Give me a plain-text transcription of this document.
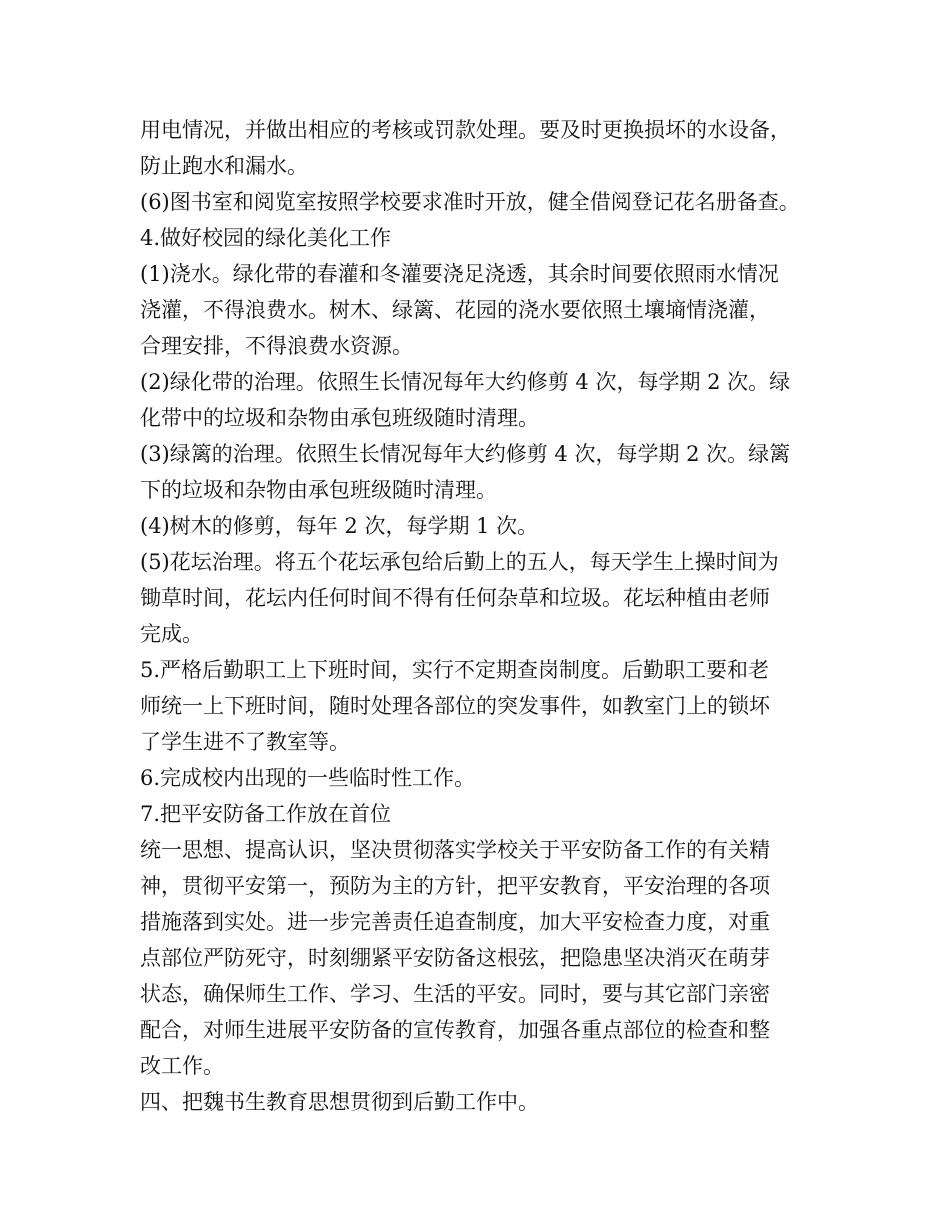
用电情况，并做出相应的考核或罚款处理。要及时更换损坏的水设备，
防止跑水和漏水。
(6)图书室和阅览室按照学校要求准时开放，健全借阅登记花名册备查。
4.做好校园的绿化美化工作
(1)浇水。绿化带的春灌和冬灌要浇足浇透，其余时间要依照雨水情况
浇灌，不得浪费水。树木、绿篱、花园的浇水要依照土壤墒情浇灌，
合理安排，不得浪费水资源。
(2)绿化带的治理。依照生长情况每年大约修剪 4 次，每学期 2 次。绿
化带中的垃圾和杂物由承包班级随时清理。
(3)绿篱的治理。依照生长情况每年大约修剪 4 次，每学期 2 次。绿篱
下的垃圾和杂物由承包班级随时清理。
(4)树木的修剪，每年 2 次，每学期 1 次。
(5)花坛治理。将五个花坛承包给后勤上的五人，每天学生上操时间为
锄草时间，花坛内任何时间不得有任何杂草和垃圾。花坛种植由老师
完成。
5.严格后勤职工上下班时间，实行不定期查岗制度。后勤职工要和老
师统一上下班时间，随时处理各部位的突发事件，如教室门上的锁坏
了学生进不了教室等。
6.完成校内出现的一些临时性工作。
7.把平安防备工作放在首位
统一思想、提高认识，坚决贯彻落实学校关于平安防备工作的有关精
神，贯彻平安第一，预防为主的方针，把平安教育，平安治理的各项
措施落到实处。进一步完善责任追查制度，加大平安检查力度，对重
点部位严防死守，时刻绷紧平安防备这根弦，把隐患坚决消灭在萌芽
状态，确保师生工作、学习、生活的平安。同时，要与其它部门亲密
配合，对师生进展平安防备的宣传教育，加强各重点部位的检查和整
改工作。
四、把魏书生教育思想贯彻到后勤工作中。
